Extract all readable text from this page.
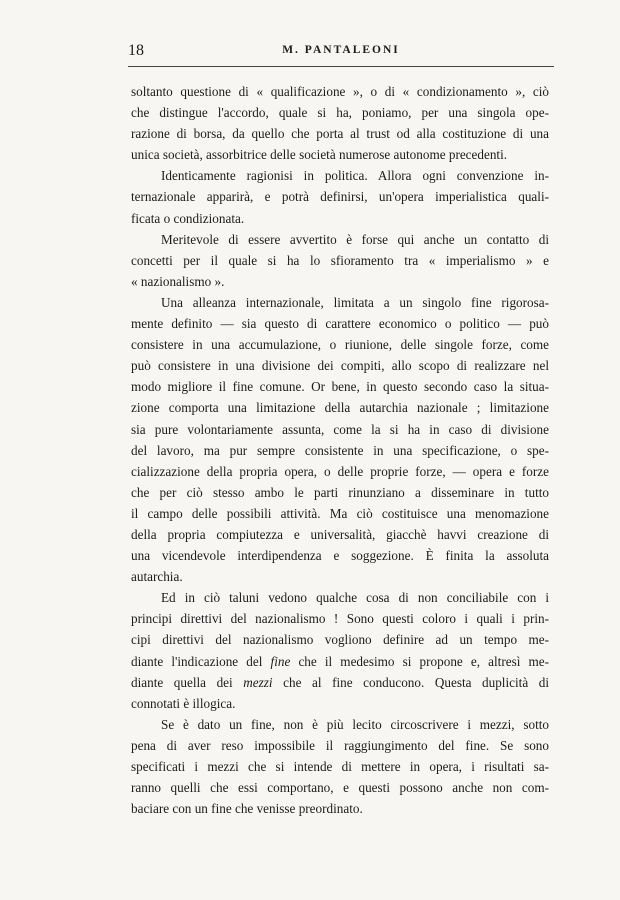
18	M. PANTALEONI

soltanto questione di « qualificazione », o di « condizionamento », ciò
che distingue l'accordo, quale si ha, poniamo, per una singola ope-
razione di borsa, da quello che porta al trust od alla costituzione di una
unica società, assorbitrice delle società numerose autonome precedenti.

Identicamente ragionisi in politica. Allora ogni convenzione in-
ternazionale apparirà, e potrà definirsi, un'opera imperialistica quali-
ficata o condizionata.

Meritevole di essere avvertito è forse qui anche un contatto di
concetti per il quale si ha lo sfioramento tra « imperialismo » e
« nazionalismo ».

Una alleanza internazionale, limitata a un singolo fine rigorosa-
mente definito — sia questo di carattere economico o politico — può
consistere in una accumulazione, o riunione, delle singole forze, come
può consistere in una divisione dei compiti, allo scopo di realizzare nel
modo migliore il fine comune. Or bene, in questo secondo caso la situa-
zione comporta una limitazione della autarchia nazionale ; limitazione
sia pure volontariamente assunta, come la si ha in caso di divisione
del lavoro, ma pur sempre consistente in una specificazione, o spe-
cializzazione della propria opera, o delle proprie forze, — opera e forze
che per ciò stesso ambo le parti rinunziano a disseminare in tutto
il campo delle possibili attività. Ma ciò costituisce una menomazione
della propria compiutezza e universalità, giacchè havvi creazione di
una vicendevole interdipendenza e soggezione. È finita la assoluta
autarchia.

Ed in ciò taluni vedono qualche cosa di non conciliabile con i
principi direttivi del nazionalismo ! Sono questi coloro i quali i prin-
cipi direttivi del nazionalismo vogliono definire ad un tempo me-
diante l'indicazione del fine che il medesimo si propone e, altresì me-
diante quella dei mezzi che al fine conducono. Questa duplicità di
connotati è illogica.

Se è dato un fine, non è più lecito circoscrivere i mezzi, sotto
pena di aver reso impossibile il raggiungimento del fine. Se sono
specificati i mezzi che si intende di mettere in opera, i risultati sa-
ranno quelli che essi comportano, e questi possono anche non com-
baciare con un fine che venisse preordinato.
